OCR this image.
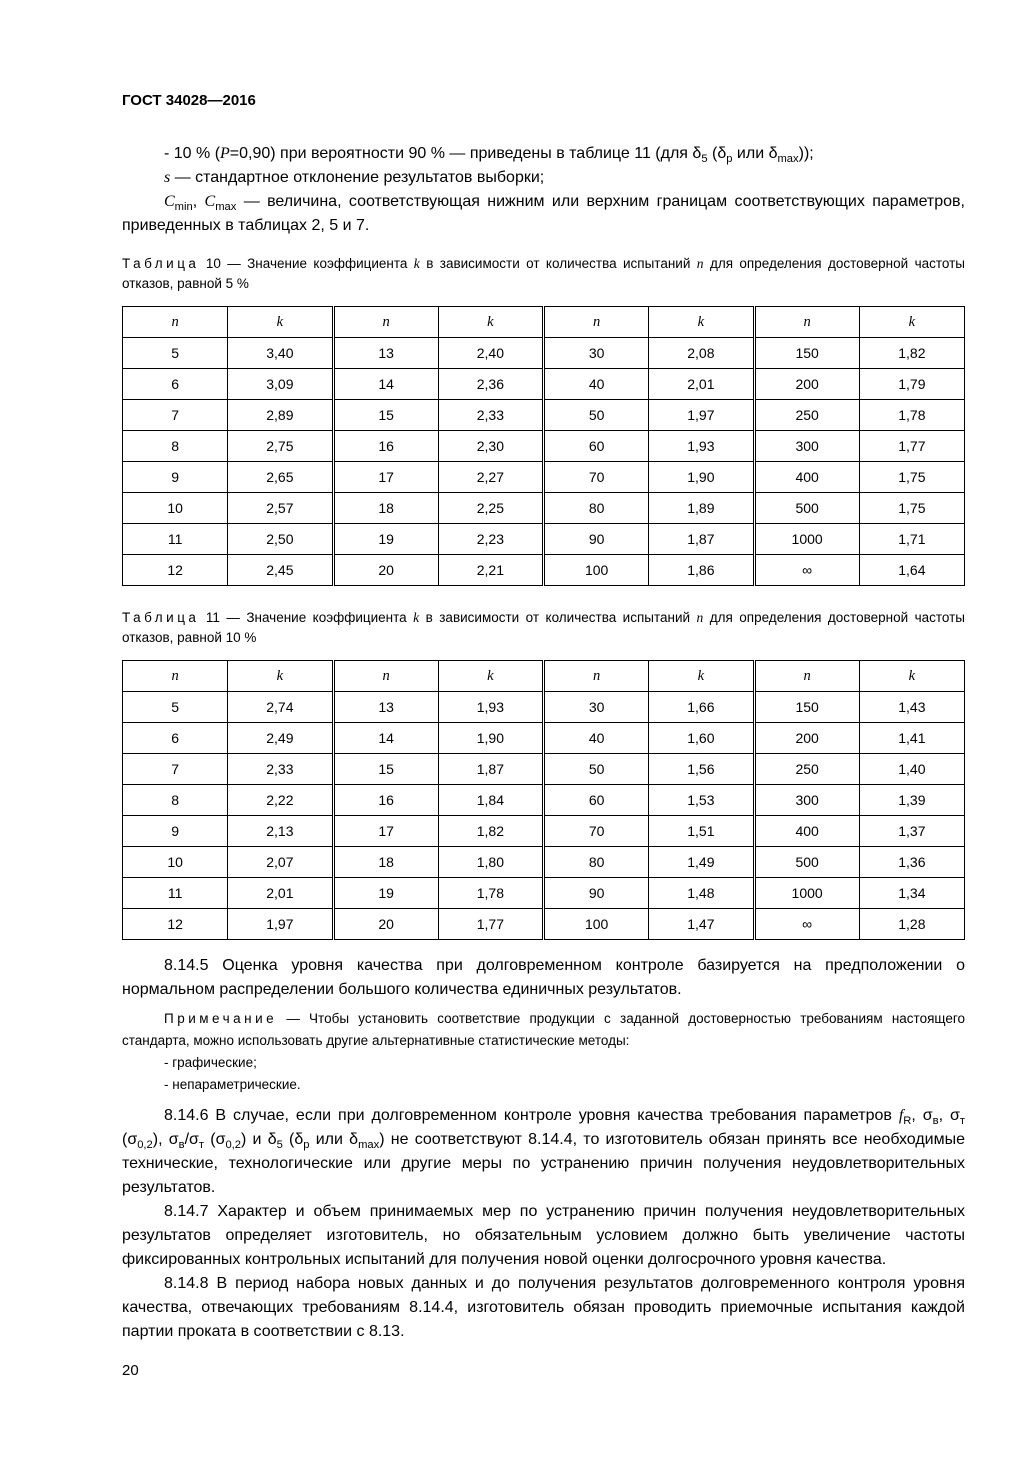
ГОСТ 34028—2016

- 10 % (P=0,90) при вероятности 90 % — приведены в таблице 11 (для $\delta_5$ ($\delta_p$ или $\delta_{max}$));

s — стандартное отклонение результатов выборки;

$C_{min}$, $C_{max}$ — величина, соответствующая нижним или верхним границам соответствующих параметров, приведенных в таблицах 2, 5 и 7.

Таблица 10 — Значение коэффициента k в зависимости от количества испытаний n для определения достоверной частоты отказов, равной 5 %

n	k	n	k	n	k	n	k
5	3,40	13	2,40	30	2,08	150	1,82
6	3,09	14	2,36	40	2,01	200	1,79
7	2,89	15	2,33	50	1,97	250	1,78
8	2,75	16	2,30	60	1,93	300	1,77
9	2,65	17	2,27	70	1,90	400	1,75
10	2,57	18	2,25	80	1,89	500	1,75
11	2,50	19	2,23	90	1,87	1000	1,71
12	2,45	20	2,21	100	1,86	∞	1,64

Таблица 11 — Значение коэффициента k в зависимости от количества испытаний n для определения достоверной частоты отказов, равной 10 %

n	k	n	k	n	k	n	k
5	2,74	13	1,93	30	1,66	150	1,43
6	2,49	14	1,90	40	1,60	200	1,41
7	2,33	15	1,87	50	1,56	250	1,40
8	2,22	16	1,84	60	1,53	300	1,39
9	2,13	17	1,82	70	1,51	400	1,37
10	2,07	18	1,80	80	1,49	500	1,36
11	2,01	19	1,78	90	1,48	1000	1,34
12	1,97	20	1,77	100	1,47	∞	1,28

8.14.5 Оценка уровня качества при долговременном контроле базируется на предположении о нормальном распределении большого количества единичных результатов.

Примечание — Чтобы установить соответствие продукции с заданной достоверностью требованиям настоящего стандарта, можно использовать другие альтернативные статистические методы:

- графические;

- непараметрические.

8.14.6 В случае, если при долговременном контроле уровня качества требования параметров $f_R$, $\sigma_в$, $\sigma_т$ $(\sigma_{0,2})$, $\sigma_в/\sigma_т$ $(\sigma_{0,2})$ и $\delta_5$ ($\delta_р$ или $\delta_{max}$) не соответствуют 8.14.4, то изготовитель обязан принять все необходимые технические, технологические или другие меры по устранению причин получения неудовлетворительных результатов.

8.14.7 Характер и объем принимаемых мер по устранению причин получения неудовлетворительных результатов определяет изготовитель, но обязательным условием должно быть увеличение частоты фиксированных контрольных испытаний для получения новой оценки долгосрочного уровня качества.

8.14.8 В период набора новых данных и до получения результатов долговременного контроля уровня качества, отвечающих требованиям 8.14.4, изготовитель обязан проводить приемочные испытания каждой партии проката в соответствии с 8.13.

20
